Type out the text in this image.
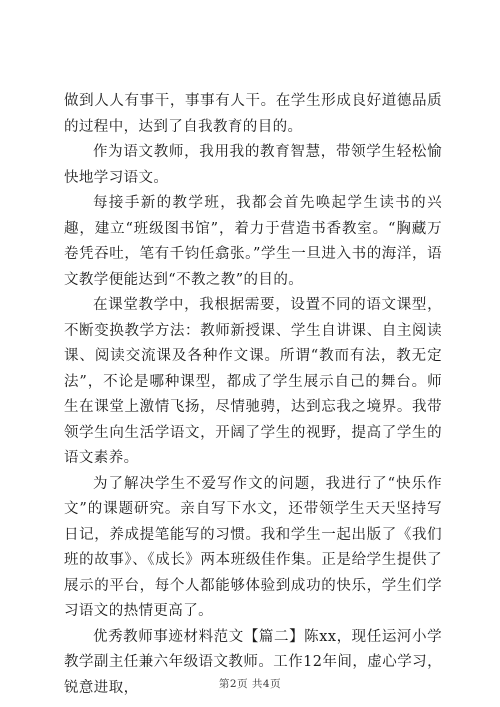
做到人人有事干，事事有人干。在学生形成良好道德品质的过程中，达到了自我教育的目的。

作为语文教师，我用我的教育智慧，带领学生轻松愉快地学习语文。

每接手新的教学班，我都会首先唤起学生读书的兴趣，建立“班级图书馆”，着力于营造书香教室。“胸藏万卷凭吞吐，笔有千钧任翕张。”学生一旦进入书的海洋，语文教学便能达到“不教之教”的目的。

在课堂教学中，我根据需要，设置不同的语文课型，不断变换教学方法：教师新授课、学生自讲课、自主阅读课、阅读交流课及各种作文课。所谓“教而有法，教无定法”，不论是哪种课型，都成了学生展示自己的舞台。师生在课堂上激情飞扬，尽情驰骋，达到忘我之境界。我带领学生向生活学语文，开阔了学生的视野，提高了学生的语文素养。

为了解决学生不爱写作文的问题，我进行了“快乐作文”的课题研究。亲自写下水文，还带领学生天天坚持写日记，养成提笔能写的习惯。我和学生一起出版了《我们班的故事》、《成长》两本班级佳作集。正是给学生提供了展示的平台，每个人都能够体验到成功的快乐，学生们学习语文的热情更高了。

优秀教师事迹材料范文【篇二】陈xx，现任运河小学教学副主任兼六年级语文教师。工作12年间，虚心学习，锐意进取，	第2页 共4页
